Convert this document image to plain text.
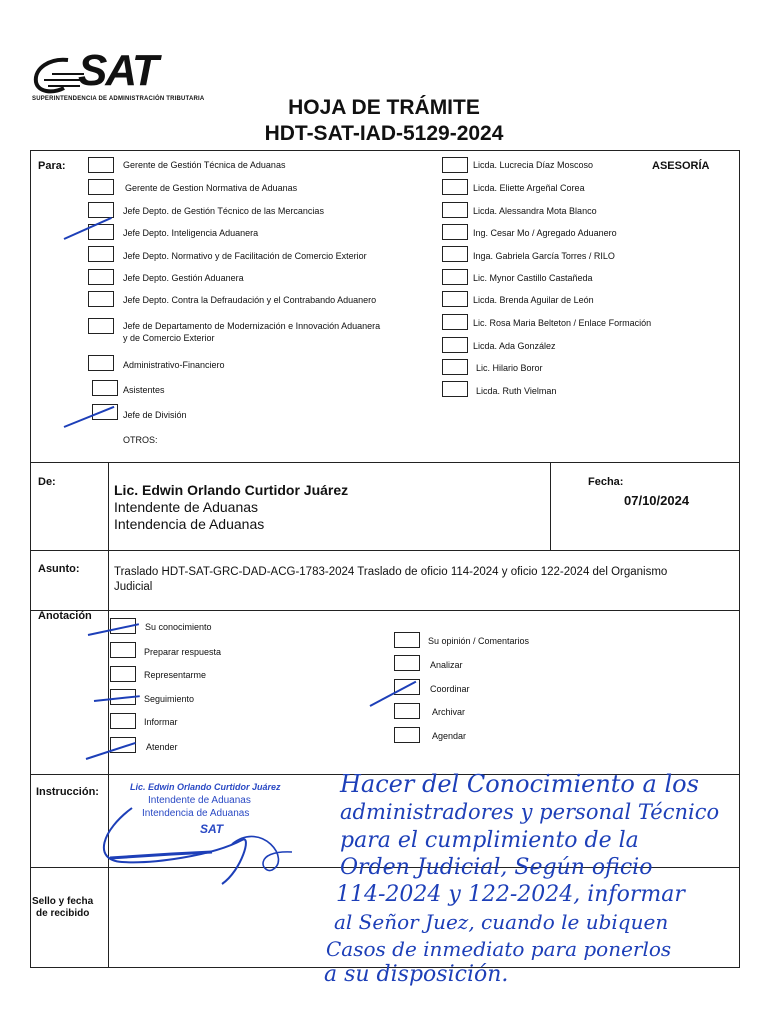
SAT
SUPERINTENDENCIA DE ADMINISTRACIÓN TRIBUTARIA	HOJA DE TRÁMITE
HDT-SAT-IAD-5129-2024
Para:	ASESORÍA
Gerente de Gestión Técnica de Aduanas
Gerente de Gestion Normativa de Aduanas
Jefe Depto. de Gestión Técnico de las Mercancias
Jefe Depto. Inteligencia Aduanera
Jefe Depto. Normativo y de Facilitación de Comercio Exterior
Jefe Depto. Gestión Aduanera
Jefe Depto. Contra la Defraudación y el Contrabando Aduanero
Jefe de Departamento de Modernización e Innovación Aduanera
y de Comercio Exterior
Administrativo-Financiero
Asistentes
Jefe de División
OTROS:
Licda. Lucrecia Díaz Moscoso
Licda. Eliette Argeñal Corea
Licda. Alessandra Mota Blanco
Ing. Cesar Mo / Agregado Aduanero
Inga. Gabriela García Torres / RILO
Lic. Mynor Castillo Castañeda
Licda. Brenda Aguilar de León
Lic. Rosa Maria Belteton / Enlace Formación
Licda. Ada González
Lic. Hilario Boror
Licda. Ruth Vielman
De:	Lic. Edwin Orlando Curtidor Juárez
Intendente de Aduanas
Intendencia de Aduanas
Fecha:
07/10/2024
Asunto:	Traslado HDT-SAT-GRC-DAD-ACG-1783-2024 Traslado de oficio 114-2024 y oficio 122-2024 del Organismo
Judicial
Anotación
Su conocimiento
Preparar respuesta
Representarme
Seguimiento
Informar
Atender
Su opinión / Comentarios
Analizar
Coordinar
Archivar
Agendar
Instrucción:	Lic. Edwin Orlando Curtidor Juárez
Intendente de Aduanas
Intendencia de Aduanas
SAT
Hacer del Conocimiento a los
administradores y personal Técnico
para el cumplimiento de la
Orden Judicial, Según oficio
114-2024 y 122-2024, informar
al Señor Juez, cuando le ubiquen
Casos de inmediato para ponerlos
a su disposición.
Sello y fecha
de recibido
